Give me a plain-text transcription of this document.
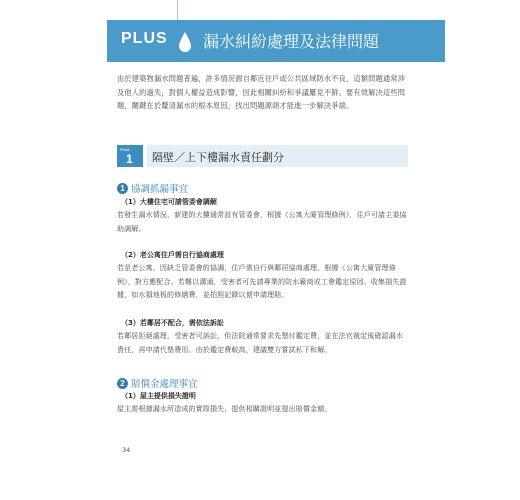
PLUS 漏水糾紛處理及法律問題

由於建築物漏水問題普遍，許多情況源自鄰近住戶或公共區域防水不良，這類問題通常涉及他人的過失，對個人權益造成影響，因此相關糾紛和爭議屢見不鮮。要有效解決這些問題，關鍵在於釐清漏水的根本原因，找出問題源頭才能進一步解決爭端。

Point
1 隔壁／上下樓漏水責任劃分
1 協調抓漏事宜
（1）大樓住宅可請管委會調解

若發生漏水情況，新建的大樓通常設有管委會，根據《公寓大廈管理條例》，住戶可請主委協助調解。

（2）老公寓住戶需自行協商處理

若是老公寓，因缺乏管委會的協調，住戶需自行與鄰居協商處理，根據《公寓大廈管理條例》，對方應配合。若難以溝通，受害者可先請專業的防水廠商或工會鑑定原因、收集損失證據，如水損地板的修繕費，並拍照記錄以便申請理賠。

（3）若鄰居不配合，需依法訴訟

若鄰居拒絕處理，受害者可訴訟，但法院通常要求先墊付鑑定費，並在法官裁定後確認漏水責任，再申請代墊費用。由於鑑定費較高，建議雙方嘗試私下和解。

2 賠償金處理事宜
（1）屋主提供損失證明

屋主需根據漏水所造成的實際損失，提供相關證明並提出賠償金額。

34
